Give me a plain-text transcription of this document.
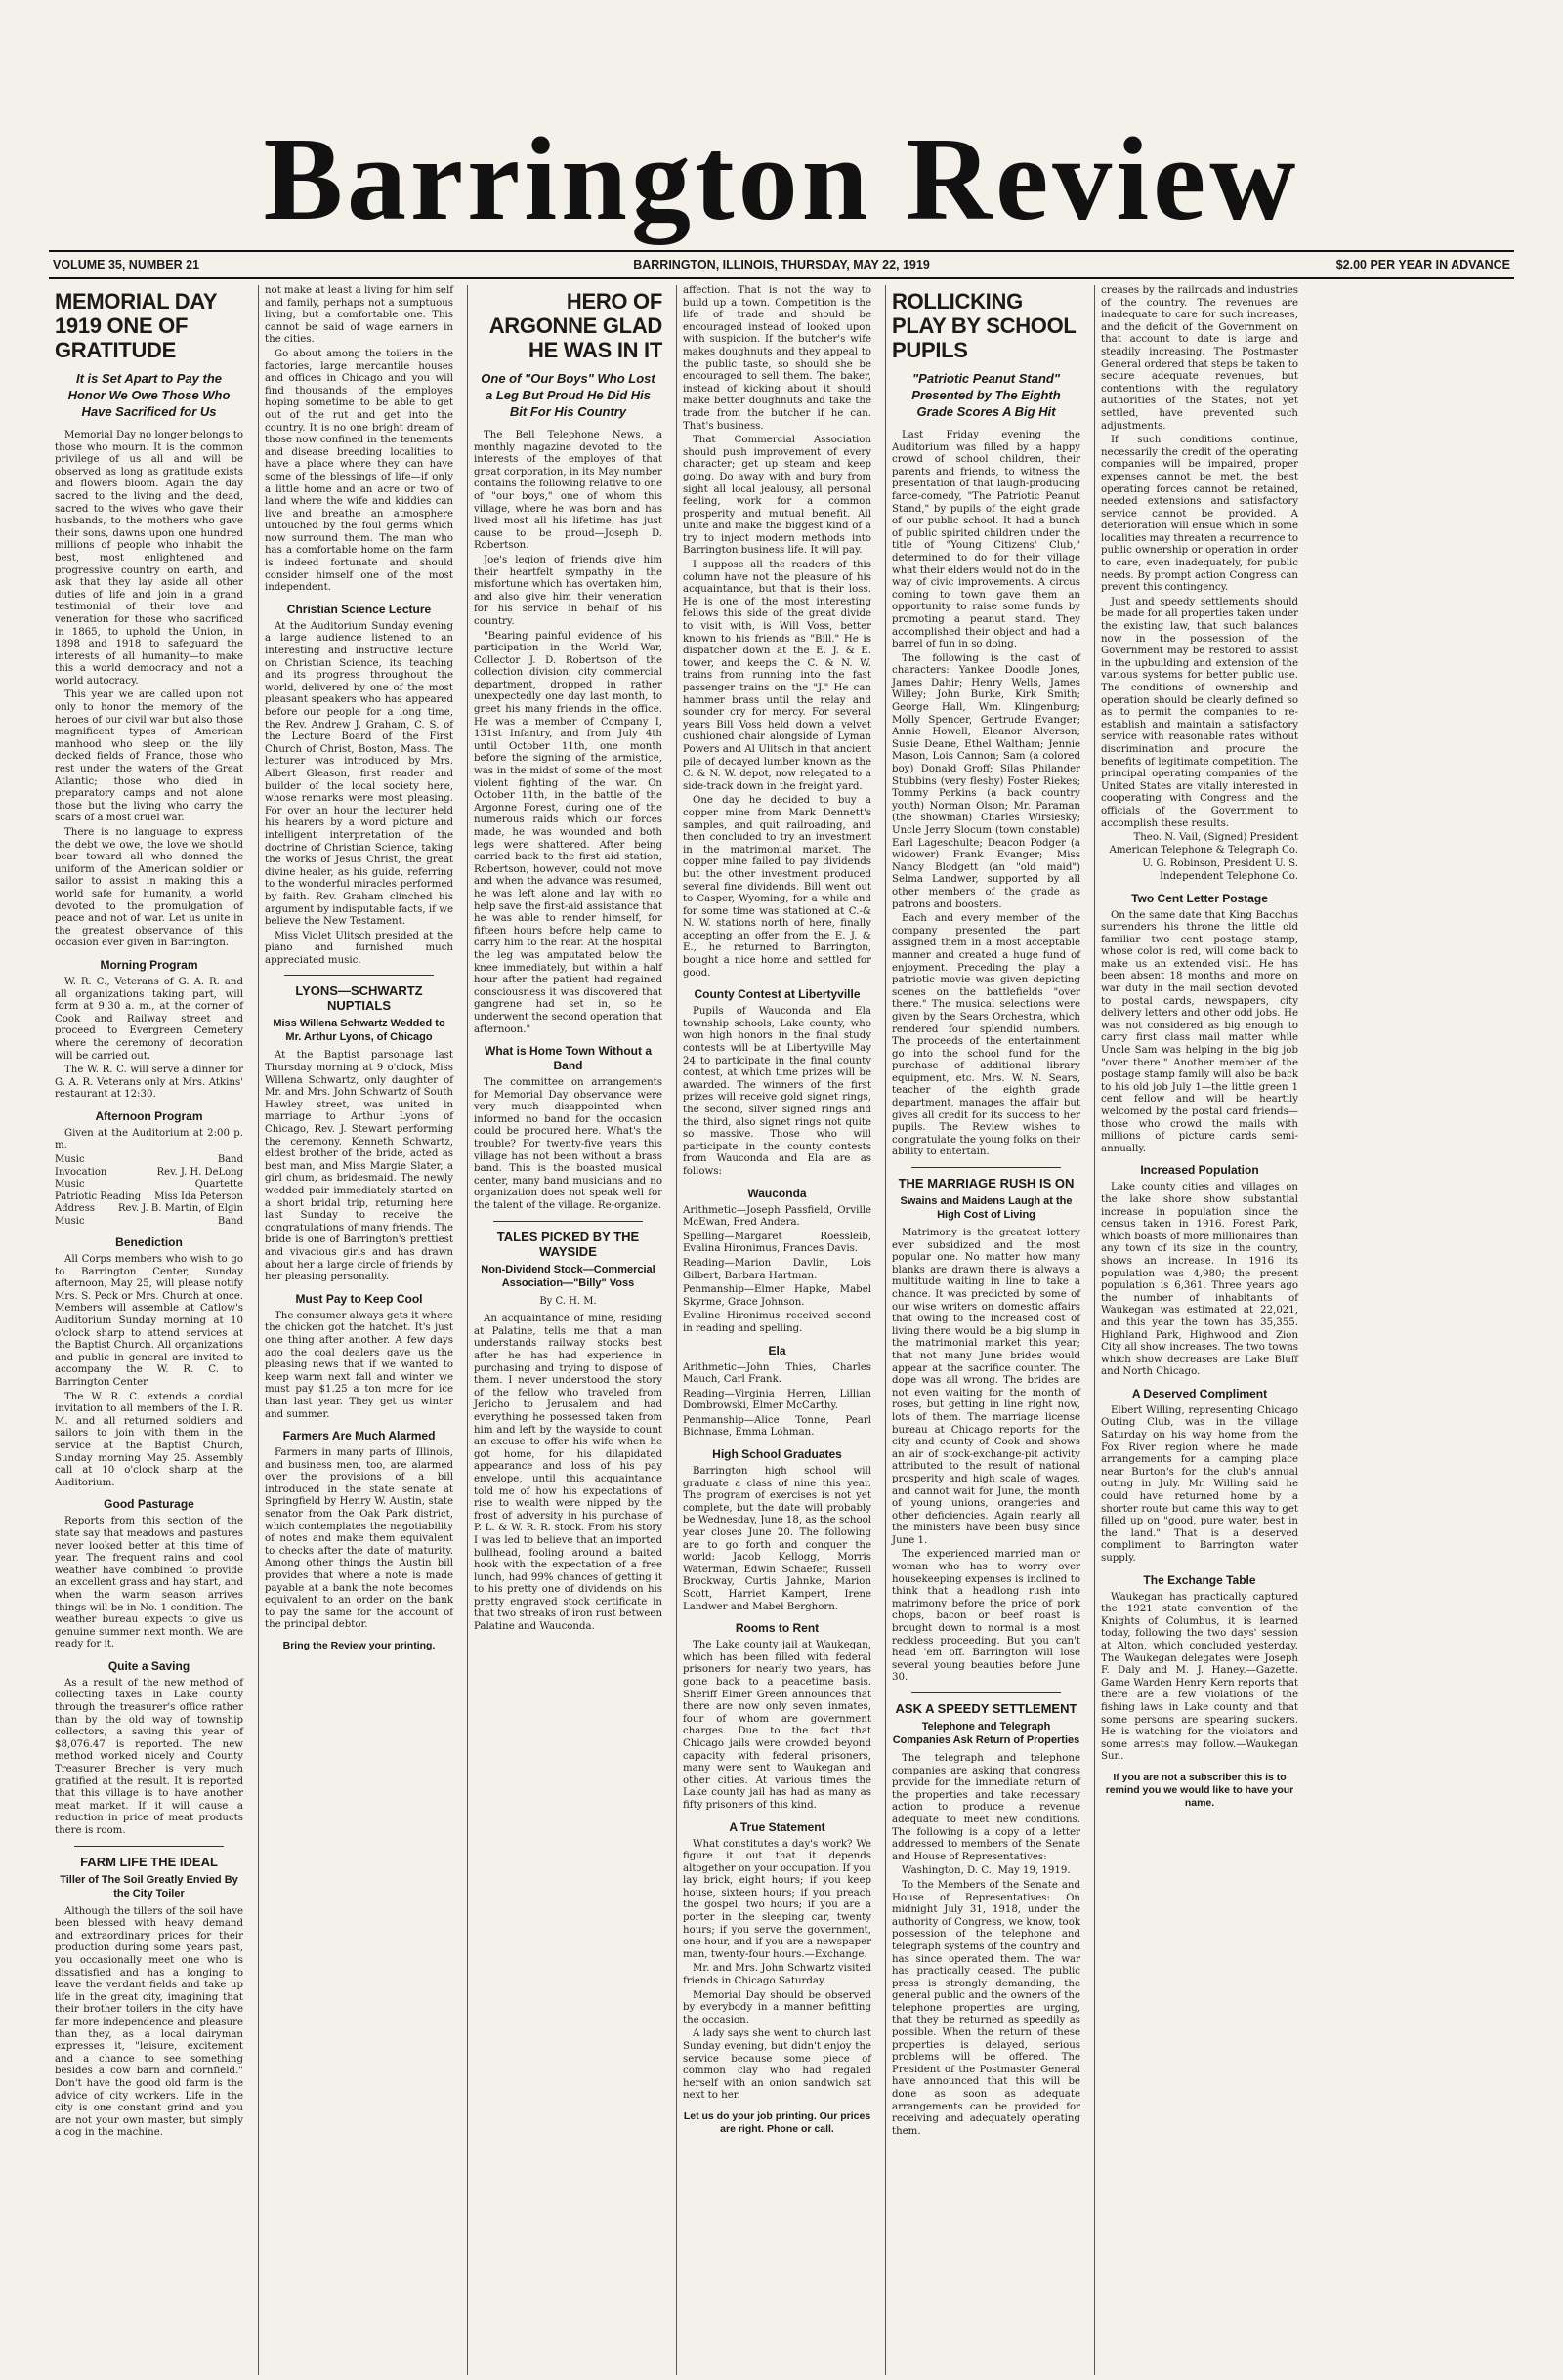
Barrington Review
VOLUME 35, NUMBER 21	BARRINGTON, ILLINOIS, THURSDAY, MAY 22, 1919	$2.00 PER YEAR IN ADVANCE
MEMORIAL DAY 1919 ONE OF GRATITUDE
It is Set Apart to Pay the Honor We Owe Those Who Have Sacrificed for Us

Memorial Day no longer belongs to those who mourn. It is the common privilege of us all and will be observed as long as gratitude exists and flowers bloom. Again the day sacred to the living and the dead, sacred to the wives who gave their husbands, to the mothers who gave their sons, dawns upon one hundred millions of people who inhabit the best, most enlightened and progressive country on earth, and ask that they lay aside all other duties of life and join in a grand testimonial of their love and veneration for those who sacrificed in 1865, to uphold the Union, in 1898 and 1918 to safeguard the interests of all humanity—to make this a world democracy and not a world autocracy.

This year we are called upon not only to honor the memory of the heroes of our civil war but also those magnificent types of American manhood who sleep on the lily decked fields of France, those who rest under the waters of the Great Atlantic; those who died in preparatory camps and not alone those but the living who carry the scars of a most cruel war.

There is no language to express the debt we owe, the love we should bear toward all who donned the uniform of the American soldier or sailor to assist in making this a world safe for humanity, a world devoted to the promulgation of peace and not of war. Let us unite in the greatest observance of this occasion ever given in Barrington.

Morning Program

W. R. C., Veterans of G. A. R. and all organizations taking part, will form at 9:30 a. m., at the corner of Cook and Railway street and proceed to Evergreen Cemetery where the ceremony of decoration will be carried out.

The W. R. C. will serve a dinner for G. A. R. Veterans only at Mrs. Atkins' restaurant at 12:30.

Afternoon Program

Given at the Auditorium at 2:00 p. m.

Music	Band
Invocation	Rev. J. H. DeLong
Music	Quartette
Patriotic Reading Miss Ida Peterson
Address Rev. J. B. Martin, of Elgin
Music	Band
Benediction

All Corps members who wish to go to Barrington Center, Sunday afternoon, May 25, will please notify Mrs. S. Peck or Mrs. Church at once. Members will assemble at Catlow's Auditorium Sunday morning at 10 o'clock sharp to attend services at the Baptist Church. All organizations and public in general are invited to accompany the W. R. C. to Barrington Center.

The W. R. C. extends a cordial invitation to all members of the I. R. M. and all returned soldiers and sailors to join with them in the service at the Baptist Church, Sunday morning May 25. Assembly call at 10 o'clock sharp at the Auditorium.

Good Pasturage

Reports from this section of the state say that meadows and pastures never looked better at this time of year. The frequent rains and cool weather have combined to provide an excellent grass and hay start, and when the warm season arrives things will be in No. 1 condition. The weather bureau expects to give us genuine summer next month. We are ready for it.

Quite a Saving

As a result of the new method of collecting taxes in Lake county through the treasurer's office rather than by the old way of township collectors, a saving this year of $8,076.47 is reported. The new method worked nicely and County Treasurer Brecher is very much gratified at the result. It is reported that this village is to have another meat market. If it will cause a reduction in price of meat products there is room.

FARM LIFE THE IDEAL
Tiller of The Soil Greatly Envied By the City Toiler

Although the tillers of the soil have been blessed with heavy demand and extraordinary prices for their production during some years past, you occasionally meet one who is dissatisfied and has a longing to leave the verdant fields and take up life in the great city, imagining that their brother toilers in the city have far more independence and pleasure than they, as a local dairyman expresses it, "leisure, excitement and a chance to see something besides a cow barn and cornfield." Don't have the good old farm is the advice of city workers. Life in the city is one constant grind and you are not your own master, but simply a cog in the machine.

not make at least a living for him self and family, perhaps not a sumptuous living, but a comfortable one. This cannot be said of wage earners in the cities.

Go about among the toilers in the factories, large mercantile houses and offices in Chicago and you will find thousands of the employes hoping sometime to be able to get out of the rut and get into the country. It is no one bright dream of those now confined in the tenements and disease breeding localities to have a place where they can have some of the blessings of life—if only a little home and an acre or two of land where the wife and kiddies can live and breathe an atmosphere untouched by the foul germs which now surround them. The man who has a comfortable home on the farm is indeed fortunate and should consider himself one of the most independent.

Christian Science Lecture

At the Auditorium Sunday evening a large audience listened to an interesting and instructive lecture on Christian Science, its teaching and its progress throughout the world, delivered by one of the most pleasant speakers who has appeared before our people for a long time, the Rev. Andrew J. Graham, C. S. of the Lecture Board of the First Church of Christ, Boston, Mass. The lecturer was introduced by Mrs. Albert Gleason, first reader and builder of the local society here, whose remarks were most pleasing. For over an hour the lecturer held his hearers by a word picture and intelligent interpretation of the doctrine of Christian Science, taking the works of Jesus Christ, the great divine healer, as his guide, referring to the wonderful miracles performed by faith. Rev. Graham clinched his argument by indisputable facts, if we believe the New Testament.

Miss Violet Ulitsch presided at the piano and furnished much appreciated music.

LYONS—SCHWARTZ NUPTIALS
Miss Willena Schwartz Wedded to Mr. Arthur Lyons, of Chicago

At the Baptist parsonage last Thursday morning at 9 o'clock, Miss Willena Schwartz, only daughter of Mr. and Mrs. John Schwartz of South Hawley street, was united in marriage to Arthur Lyons of Chicago, Rev. J. Stewart performing the ceremony. Kenneth Schwartz, eldest brother of the bride, acted as best man, and Miss Margie Slater, a girl chum, as bridesmaid. The newly wedded pair immediately started on a short bridal trip, returning here last Sunday to receive the congratulations of many friends. The bride is one of Barrington's prettiest and vivacious girls and has drawn about her a large circle of friends by her pleasing personality.

Must Pay to Keep Cool

The consumer always gets it where the chicken got the hatchet. It's just one thing after another. A few days ago the coal dealers gave us the pleasing news that if we wanted to keep warm next fall and winter we must pay $1.25 a ton more for ice than last year. They get us winter and summer.

Farmers Are Much Alarmed

Farmers in many parts of Illinois, and business men, too, are alarmed over the provisions of a bill introduced in the state senate at Springfield by Henry W. Austin, state senator from the Oak Park district, which contemplates the negotiability of notes and make them equivalent to checks after the date of maturity. Among other things the Austin bill provides that where a note is made payable at a bank the note becomes equivalent to an order on the bank to pay the same for the account of the principal debtor.

Bring the Review your printing.
HERO OF ARGONNE GLAD HE WAS IN IT
One of "Our Boys" Who Lost a Leg But Proud He Did His Bit For His Country

The Bell Telephone News, a monthly magazine devoted to the interests of the employes of that great corporation, in its May number contains the following relative to one of "our boys," one of whom this village, where he was born and has lived most all his lifetime, has just cause to be proud—Joseph D. Robertson.

Joe's legion of friends give him their heartfelt sympathy in the misfortune which has overtaken him, and also give him their veneration for his service in behalf of his country.

"Bearing painful evidence of his participation in the World War, Collector J. D. Robertson of the collection division, city commercial department, dropped in rather unexpectedly one day last month, to greet his many friends in the office. He was a member of Company I, 131st Infantry, and from July 4th until October 11th, one month before the signing of the armistice, was in the midst of some of the most violent fighting of the war. On October 11th, in the battle of the Argonne Forest, during one of the numerous raids which our forces made, he was wounded and both legs were shattered. After being carried back to the first aid station, Robertson, however, could not move and when the advance was resumed, he was left alone and lay with no help save the first-aid assistance that he was able to render himself, for fifteen hours before help came to carry him to the rear. At the hospital the leg was amputated below the knee immediately, but within a half hour after the patient had regained consciousness it was discovered that gangrene had set in, so he underwent the second operation that afternoon."

What is Home Town Without a Band

The committee on arrangements for Memorial Day observance were very much disappointed when informed no band for the occasion could be procured here. What's the trouble? For twenty-five years this village has not been without a brass band. This is the boasted musical center, many band musicians and no organization does not speak well for the talent of the village. Re-organize.

TALES PICKED BY THE WAYSIDE
Non-Dividend Stock—Commercial Association—"Billy" Voss
By C. H. M.

An acquaintance of mine, residing at Palatine, tells me that a man understands railway stocks best after he has had experience in purchasing and trying to dispose of them. I never understood the story of the fellow who traveled from Jericho to Jerusalem and had everything he possessed taken from him and left by the wayside to count an excuse to offer his wife when he got home, for his dilapidated appearance and loss of his pay envelope, until this acquaintance told me of how his expectations of rise to wealth were nipped by the frost of adversity in his purchase of P. L. & W. R. R. stock. From his story I was led to believe that an imported bullhead, fooling around a baited hook with the expectation of a free lunch, had 99% chances of getting it to his pretty one of dividends on his pretty engraved stock certificate in that two streaks of iron rust between Palatine and Wauconda.

affection. That is not the way to build up a town. Competition is the life of trade and should be encouraged instead of looked upon with suspicion. If the butcher's wife makes doughnuts and they appeal to the public taste, so should she be encouraged to sell them. The baker, instead of kicking about it should make better doughnuts and take the trade from the butcher if he can. That's business.

That Commercial Association should push improvement of every character; get up steam and keep going. Do away with and bury from sight all local jealousy, all personal feeling, work for a common prosperity and mutual benefit. All unite and make the biggest kind of a try to inject modern methods into Barrington business life. It will pay.

I suppose all the readers of this column have not the pleasure of his acquaintance, but that is their loss. He is one of the most interesting fellows this side of the great divide to visit with, is Will Voss, better known to his friends as "Bill." He is dispatcher down at the E. J. & E. tower, and keeps the C. & N. W. trains from running into the fast passenger trains on the "J." He can hammer brass until the relay and sounder cry for mercy. For several years Bill Voss held down a velvet cushioned chair alongside of Lyman Powers and Al Ulitsch in that ancient pile of decayed lumber known as the C. & N. W. depot, now relegated to a side-track down in the freight yard.

One day he decided to buy a copper mine from Mark Dennett's samples, and quit railroading, and then concluded to try an investment in the matrimonial market. The copper mine failed to pay dividends but the other investment produced several fine dividends. Bill went out to Casper, Wyoming, for a while and for some time was stationed at C.-& N. W. stations north of here, finally accepting an offer from the E. J. & E., he returned to Barrington, bought a nice home and settled for good.

County Contest at Libertyville

Pupils of Wauconda and Ela township schools, Lake county, who won high honors in the final study contests will be at Libertyville May 24 to participate in the final county contest, at which time prizes will be awarded. The winners of the first prizes will receive gold signet rings, the second, silver signed rings and the third, also signet rings not quite so massive. Those who will participate in the county contests from Wauconda and Ela are as follows:

Wauconda

Arithmetic—Joseph Passfield, Orville McEwan, Fred Andera.

Spelling—Margaret Roessleib, Evalina Hironimus, Frances Davis.

Reading—Marion Davlin, Lois Gilbert, Barbara Hartman.

Penmanship—Elmer Hapke, Mabel Skyrme, Grace Johnson.

Evaline Hironimus received second in reading and spelling.

Ela

Arithmetic—John Thies, Charles Mauch, Carl Frank.

Reading—Virginia Herren, Lillian Dombrowski, Elmer McCarthy.

Penmanship—Alice Tonne, Pearl Bichnase, Emma Lohman.

High School Graduates

Barrington high school will graduate a class of nine this year. The program of exercises is not yet complete, but the date will probably be Wednesday, June 18, as the school year closes June 20. The following are to go forth and conquer the world: Jacob Kellogg, Morris Waterman, Edwin Schaefer, Russell Brockway, Curtis Jahnke, Marion Scott, Harriet Kampert, Irene Landwer and Mabel Berghorn.

Rooms to Rent

The Lake county jail at Waukegan, which has been filled with federal prisoners for nearly two years, has gone back to a peacetime basis. Sheriff Elmer Green announces that there are now only seven inmates, four of whom are government charges. Due to the fact that Chicago jails were crowded beyond capacity with federal prisoners, many were sent to Waukegan and other cities. At various times the Lake county jail has had as many as fifty prisoners of this kind.

A True Statement

What constitutes a day's work? We figure it out that it depends altogether on your occupation. If you lay brick, eight hours; if you keep house, sixteen hours; if you preach the gospel, two hours; if you are a porter in the sleeping car, twenty hours; if you serve the government, one hour, and if you are a newspaper man, twenty-four hours.—Exchange.

Mr. and Mrs. John Schwartz visited friends in Chicago Saturday.

Memorial Day should be observed by everybody in a manner befitting the occasion.

A lady says she went to church last Sunday evening, but didn't enjoy the service because some piece of common clay who had regaled herself with an onion sandwich sat next to her.

Let us do your job printing. Our prices are right. Phone or call.
ROLLICKING PLAY BY SCHOOL PUPILS
"Patriotic Peanut Stand" Presented by The Eighth Grade Scores A Big Hit

Last Friday evening the Auditorium was filled by a happy crowd of school children, their parents and friends, to witness the presentation of that laugh-producing farce-comedy, "The Patriotic Peanut Stand," by pupils of the eight grade of our public school. It had a bunch of public spirited children under the title of "Young Citizens' Club," determined to do for their village what their elders would not do in the way of civic improvements. A circus coming to town gave them an opportunity to raise some funds by promoting a peanut stand. They accomplished their object and had a barrel of fun in so doing.

The following is the cast of characters: Yankee Doodle Jones, James Dahir; Henry Wells, James Willey; John Burke, Kirk Smith; George Hall, Wm. Klingenburg; Molly Spencer, Gertrude Evanger; Annie Howell, Eleanor Alverson; Susie Deane, Ethel Waltham; Jennie Mason, Lois Cannon; Sam (a colored boy) Donald Groff; Silas Philander Stubbins (very fleshy) Foster Riekes; Tommy Perkins (a back country youth) Norman Olson; Mr. Paraman (the showman) Charles Wirsiesky; Uncle Jerry Slocum (town constable) Earl Lageschulte; Deacon Podger (a widower) Frank Evanger; Miss Nancy Blodgett (an "old maid") Selma Landwer, supported by all other members of the grade as patrons and boosters.

Each and every member of the company presented the part assigned them in a most acceptable manner and created a huge fund of enjoyment. Preceding the play a patriotic movie was given depicting scenes on the battlefields "over there." The musical selections were given by the Sears Orchestra, which rendered four splendid numbers. The proceeds of the entertainment go into the school fund for the purchase of additional library equipment, etc. Mrs. W. N. Sears, teacher of the eighth grade department, manages the affair but gives all credit for its success to her pupils. The Review wishes to congratulate the young folks on their ability to entertain.

THE MARRIAGE RUSH IS ON
Swains and Maidens Laugh at the High Cost of Living

Matrimony is the greatest lottery ever subsidized and the most popular one. No matter how many blanks are drawn there is always a multitude waiting in line to take a chance. It was predicted by some of our wise writers on domestic affairs that owing to the increased cost of living there would be a big slump in the matrimonial market this year; that not many June brides would appear at the sacrifice counter. The dope was all wrong. The brides are not even waiting for the month of roses, but getting in line right now, lots of them. The marriage license bureau at Chicago reports for the city and county of Cook and shows an air of stock-exchange-pit activity attributed to the result of national prosperity and high scale of wages, and cannot wait for June, the month of young unions, orangeries and other deficiencies. Again nearly all the ministers have been busy since June 1.

The experienced married man or woman who has to worry over housekeeping expenses is inclined to think that a headlong rush into matrimony before the price of pork chops, bacon or beef roast is brought down to normal is a most reckless proceeding. But you can't head 'em off. Barrington will lose several young beauties before June 30.

ASK A SPEEDY SETTLEMENT
Telephone and Telegraph Companies Ask Return of Properties

The telegraph and telephone companies are asking that congress provide for the immediate return of the properties and take necessary action to produce a revenue adequate to meet new conditions. The following is a copy of a letter addressed to members of the Senate and House of Representatives:

Washington, D. C., May 19, 1919.

To the Members of the Senate and House of Representatives: On midnight July 31, 1918, under the authority of Congress, we know, took possession of the telephone and telegraph systems of the country and has since operated them. The war has practically ceased. The public press is strongly demanding, the general public and the owners of the telephone properties are urging, that they be returned as speedily as possible. When the return of these properties is delayed, serious problems will be offered. The President of the Postmaster General have announced that this will be done as soon as adequate arrangements can be provided for receiving and adequately operating them.

creases by the railroads and industries of the country. The revenues are inadequate to care for such increases, and the deficit of the Government on that account to date is large and steadily increasing. The Postmaster General ordered that steps be taken to secure adequate revenues, but contentions with the regulatory authorities of the States, not yet settled, have prevented such adjustments.

If such conditions continue, necessarily the credit of the operating companies will be impaired, proper expenses cannot be met, the best operating forces cannot be retained, needed extensions and satisfactory service cannot be provided. A deterioration will ensue which in some localities may threaten a recurrence to public ownership or operation in order to care, even inadequately, for public needs. By prompt action Congress can prevent this contingency.

Just and speedy settlements should be made for all properties taken under the existing law, that such balances now in the possession of the Government may be restored to assist in the upbuilding and extension of the various systems for better public use. The conditions of ownership and operation should be clearly defined so as to permit the companies to re-establish and maintain a satisfactory service with reasonable rates without discrimination and procure the benefits of legitimate competition. The principal operating companies of the United States are vitally interested in cooperating with Congress and the officials of the Government to accomplish these results.

Theo. N. Vail, (Signed) President American Telephone & Telegraph Co.

U. G. Robinson, President U. S. Independent Telephone Co.

Two Cent Letter Postage

On the same date that King Bacchus surrenders his throne the little old familiar two cent postage stamp, whose color is red, will come back to make us an extended visit. He has been absent 18 months and more on war duty in the mail section devoted to postal cards, newspapers, city delivery letters and other odd jobs. He was not considered as big enough to carry first class mail matter while Uncle Sam was helping in the big job "over there." Another member of the postage stamp family will also be back to his old job July 1—the little green 1 cent fellow and will be heartily welcomed by the postal card friends—those who crowd the mails with millions of picture cards semi-annually.

Increased Population

Lake county cities and villages on the lake shore show substantial increase in population since the census taken in 1916. Forest Park, which boasts of more millionaires than any town of its size in the country, shows an increase. In 1916 its population was 4,980; the present population is 6,361. Three years ago the number of inhabitants of Waukegan was estimated at 22,021, and this year the town has 35,355. Highland Park, Highwood and Zion City all show increases. The two towns which show decreases are Lake Bluff and North Chicago.

A Deserved Compliment

Elbert Willing, representing Chicago Outing Club, was in the village Saturday on his way home from the Fox River region where he made arrangements for a camping place near Burton's for the club's annual outing in July. Mr. Willing said he could have returned home by a shorter route but came this way to get filled up on "good, pure water, best in the land." That is a deserved compliment to Barrington water supply.

The Exchange Table

Waukegan has practically captured the 1921 state convention of the Knights of Columbus, it is learned today, following the two days' session at Alton, which concluded yesterday. The Waukegan delegates were Joseph F. Daly and M. J. Haney.—Gazette. Game Warden Henry Kern reports that there are a few violations of the fishing laws in Lake county and that some persons are spearing suckers. He is watching for the violators and some arrests may follow.—Waukegan Sun.

If you are not a subscriber this is to remind you we would like to have your name.
